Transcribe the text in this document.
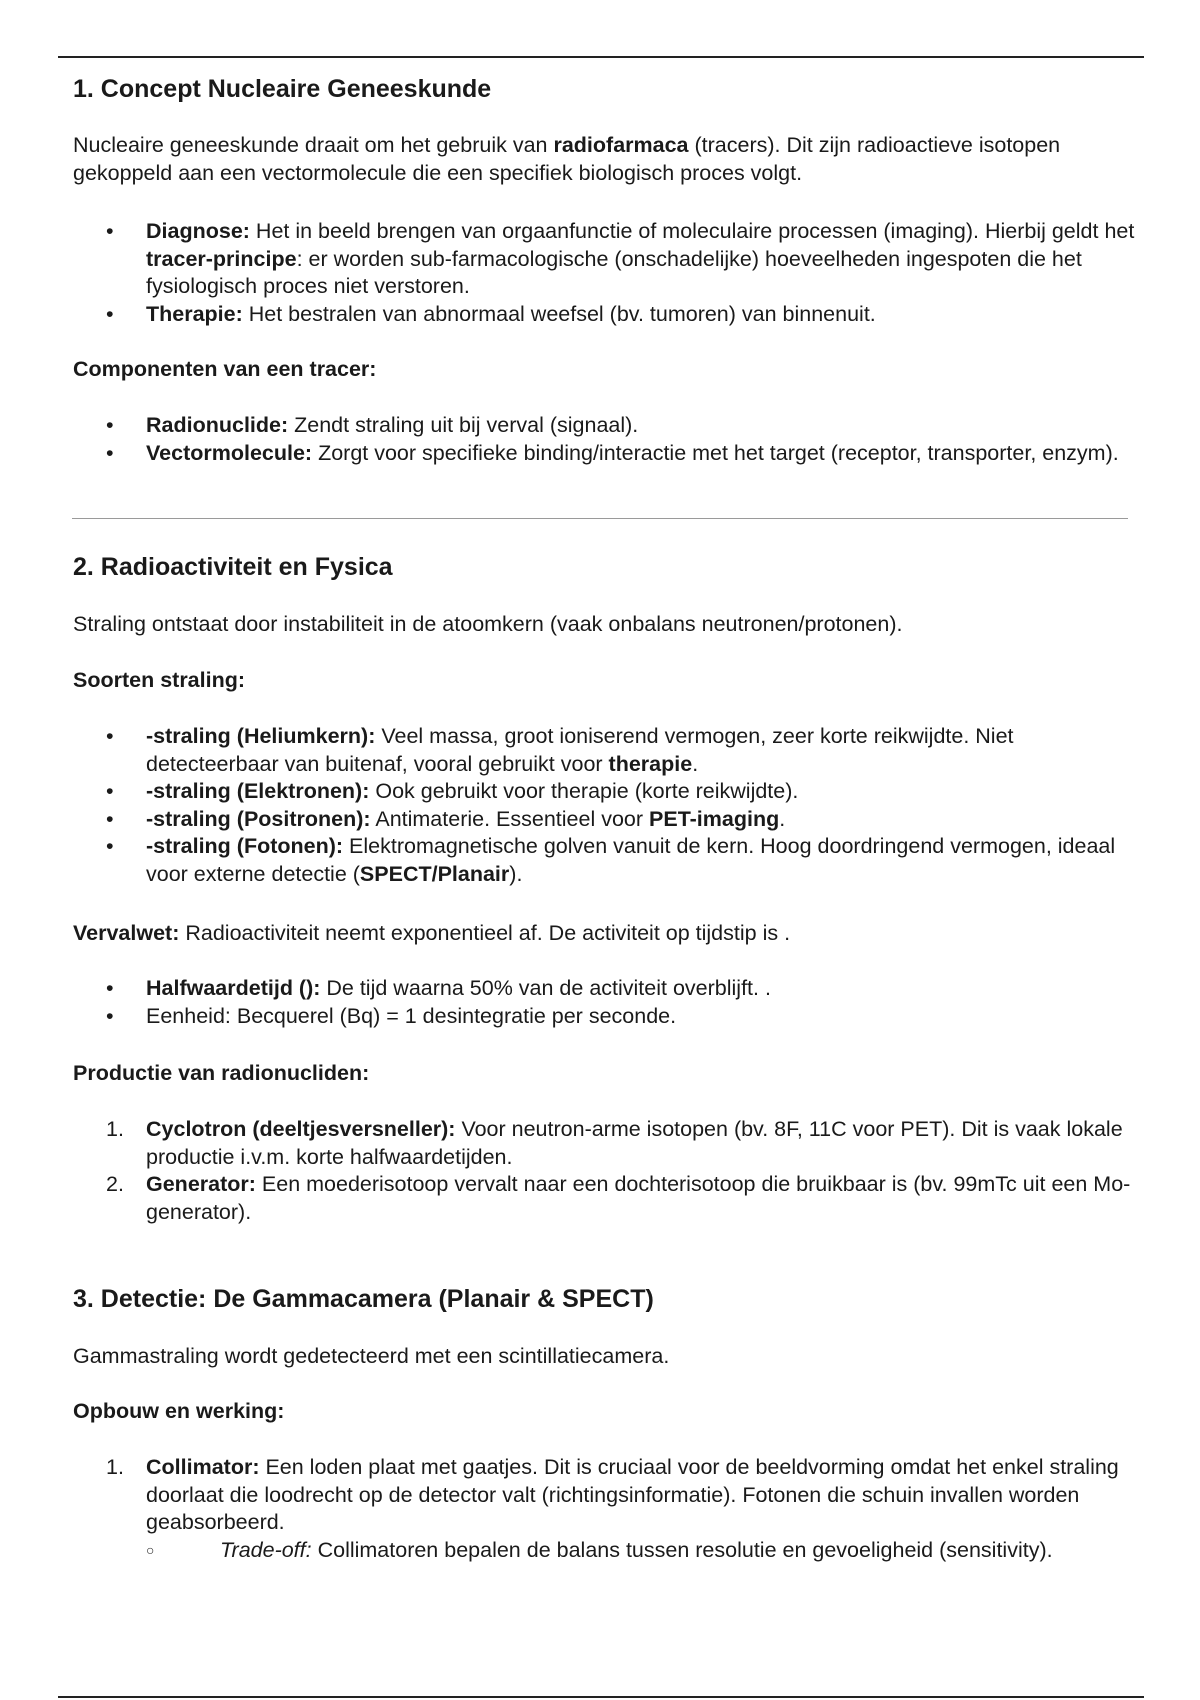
1. Concept Nucleaire Geneeskunde

Nucleaire geneeskunde draait om het gebruik van radiofarmaca (tracers). Dit zijn radioactieve isotopen gekoppeld aan een vectormolecule die een specifiek biologisch proces volgt.

•	Diagnose: Het in beeld brengen van orgaanfunctie of moleculaire processen (imaging). Hierbij geldt het tracer-principe: er worden sub-farmacologische (onschadelijke) hoeveelheden ingespoten die het fysiologisch proces niet verstoren.
•	Therapie: Het bestralen van abnormaal weefsel (bv. tumoren) van binnenuit.

Componenten van een tracer:

•	Radionuclide: Zendt straling uit bij verval (signaal).
•	Vectormolecule: Zorgt voor specifieke binding/interactie met het target (receptor, transporter, enzym).
2. Radioactiviteit en Fysica

Straling ontstaat door instabiliteit in de atoomkern (vaak onbalans neutronen/protonen).

Soorten straling:

•	-straling (Heliumkern): Veel massa, groot ioniserend vermogen, zeer korte reikwijdte. Niet detecteerbaar van buitenaf, vooral gebruikt voor therapie.
•	-straling (Elektronen): Ook gebruikt voor therapie (korte reikwijdte).
•	-straling (Positronen): Antimaterie. Essentieel voor PET-imaging.
•	-straling (Fotonen): Elektromagnetische golven vanuit de kern. Hoog doordringend vermogen, ideaal voor externe detectie (SPECT/Planair).

Vervalwet: Radioactiviteit neemt exponentieel af. De activiteit op tijdstip is .

•	Halfwaardetijd (): De tijd waarna 50% van de activiteit overblijft. .
•	Eenheid: Becquerel (Bq) = 1 desintegratie per seconde.

Productie van radionucliden:

1. Cyclotron (deeltjesversneller): Voor neutron-arme isotopen (bv. 8F, 11C voor PET). Dit is vaak lokale productie i.v.m. korte halfwaardetijden.
2. Generator: Een moederisotoop vervalt naar een dochterisotoop die bruikbaar is (bv. 99mTc uit een Mo-generator).
3. Detectie: De Gammacamera (Planair & SPECT)

Gammastraling wordt gedetecteerd met een scintillatiecamera.

Opbouw en werking:

1. Collimator: Een loden plaat met gaatjes. Dit is cruciaal voor de beeldvorming omdat het enkel straling doorlaat die loodrecht op de detector valt (richtingsinformatie). Fotonen die schuin invallen worden geabsorbeerd.
○	Trade-off: Collimatoren bepalen de balans tussen resolutie en gevoeligheid (sensitivity).
